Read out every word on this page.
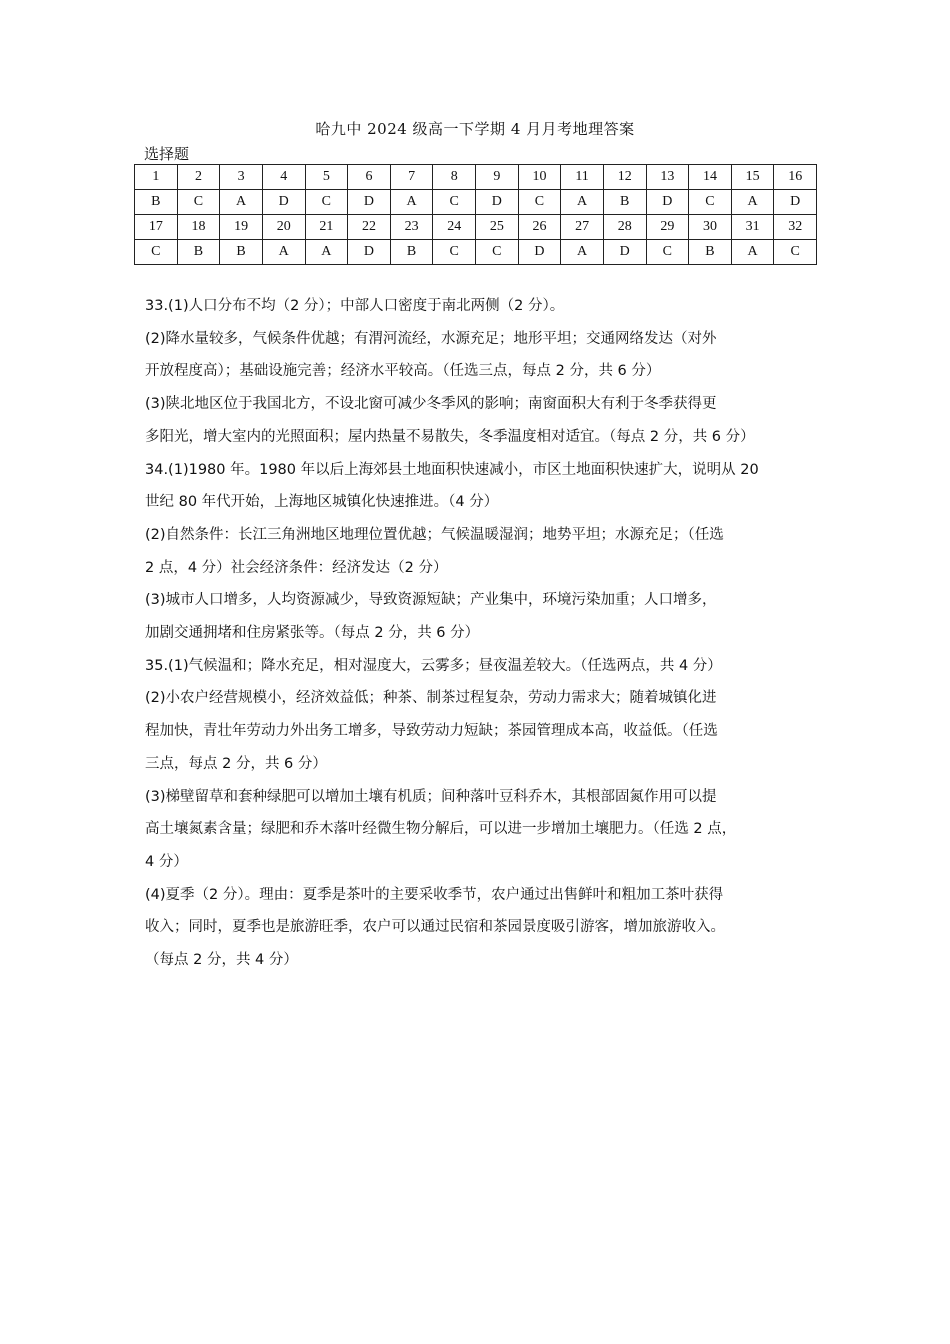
哈九中 2024 级高一下学期 4 月月考地理答案
选择题
1	2	3	4	5	6	7	8	9	10	11	12	13	14	15	16
B	C	A	D	C	D	A	C	D	C	A	B	D	C	A	D
17	18	19	20	21	22	23	24	25	26	27	28	29	30	31	32
C	B	B	A	A	D	B	C	C	D	A	D	C	B	A	C

33.(1)人口分布不均（2 分）；中部人口密度于南北两侧（2 分）。

(2)降水量较多，气候条件优越；有渭河流经，水源充足；地形平坦；交通网络发达（对外

开放程度高）；基础设施完善；经济水平较高。（任选三点，每点 2 分，共 6 分）

(3)陕北地区位于我国北方，不设北窗可减少冬季风的影响；南窗面积大有利于冬季获得更

多阳光，增大室内的光照面积；屋内热量不易散失，冬季温度相对适宜。（每点 2 分，共 6 分）

34.(1)1980 年。1980 年以后上海郊县土地面积快速减小，市区土地面积快速扩大，说明从 20

世纪 80 年代开始，上海地区城镇化快速推进。（4 分）

(2)自然条件：长江三角洲地区地理位置优越；气候温暖湿润；地势平坦；水源充足；（任选

2 点，4 分）社会经济条件：经济发达（2 分）

(3)城市人口增多，人均资源减少，导致资源短缺；产业集中，环境污染加重；人口增多，

加剧交通拥堵和住房紧张等。（每点 2 分，共 6 分）

35.(1)气候温和；降水充足，相对湿度大，云雾多；昼夜温差较大。（任选两点，共 4 分）

(2)小农户经营规模小，经济效益低；种茶、制茶过程复杂，劳动力需求大；随着城镇化进

程加快，青壮年劳动力外出务工增多，导致劳动力短缺；茶园管理成本高，收益低。（任选

三点，每点 2 分，共 6 分）

(3)梯壁留草和套种绿肥可以增加土壤有机质；间种落叶豆科乔木，其根部固氮作用可以提

高土壤氮素含量；绿肥和乔木落叶经微生物分解后，可以进一步增加土壤肥力。（任选 2 点，

4 分）

(4)夏季（2 分）。理由：夏季是茶叶的主要采收季节，农户通过出售鲜叶和粗加工茶叶获得

收入；同时，夏季也是旅游旺季，农户可以通过民宿和茶园景度吸引游客，增加旅游收入。

（每点 2 分，共 4 分）
